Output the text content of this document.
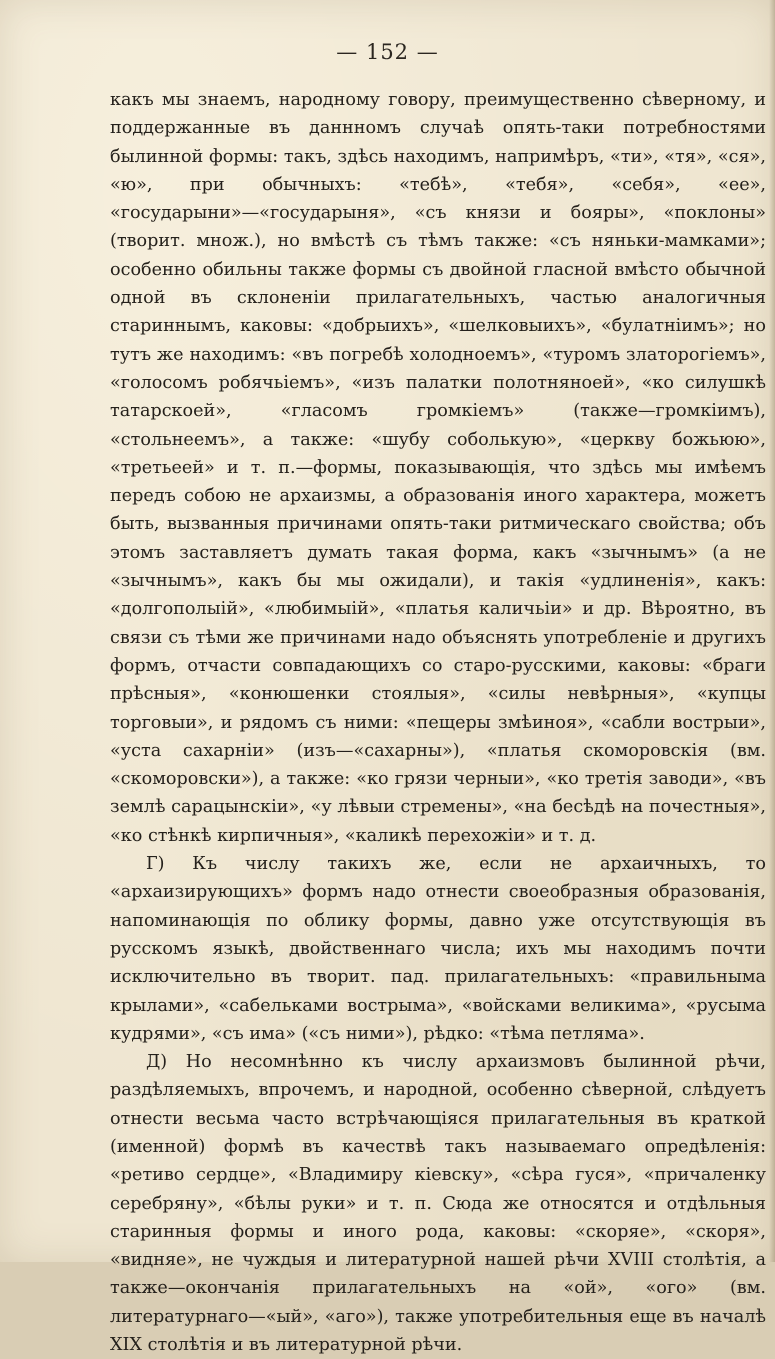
— 152 —

какъ мы знаемъ, народному говору, преимущественно сѣверному, и поддержанные въ даннномъ случаѣ опять-таки потребностями былинной формы: такъ, здѣсь находимъ, напримѣръ, «ти», «тя», «ся», «ю», при обычныхъ: «тебѣ», «тебя», «себя», «ее», «государыни»—«государыня», «съ князи и бояры», «поклоны» (творит. множ.), но вмѣстѣ съ тѣмъ также: «съ няньки-мамками»; особенно обильны также формы съ двойной гласной вмѣсто обычной одной въ склоненіи прилагательныхъ, частью аналогичныя стариннымъ, каковы: «добрыихъ», «шелковыихъ», «булатніимъ»; но тутъ же находимъ: «въ погребѣ холодноемъ», «туромъ златорогіемъ», «голосомъ робячьіемъ», «изъ палатки полотняноей», «ко силушкѣ татарскоей», «гласомъ громкіемъ» (также—громкіимъ), «стольнеемъ», а также: «шубу соболькую», «церкву божьюю», «третьеей» и т. п.—формы, показывающія, что здѣсь мы имѣемъ передъ собою не архаизмы, а образованія иного характера, можетъ быть, вызванныя причинами опять-таки ритмическаго свойства; объ этомъ заставляетъ думать такая форма, какъ «зычнымъ» (а не «зычнымъ», какъ бы мы ожидали), и такія «удлиненія», какъ: «долгополыій», «любимыій», «платья каличьіи» и др. Вѣроятно, въ связи съ тѣми же причинами надо объяснять употребленіе и другихъ формъ, отчасти совпадающихъ со старо-русскими, каковы: «браги прѣсныя», «конюшенки стоялыя», «силы невѣрныя», «купцы торговыи», и рядомъ съ ними: «пещеры змѣиноя», «сабли вострыи», «уста сахарніи» (изъ—«сахарны»), «платья скоморовскія (вм. «скоморовски»), а также: «ко грязи черныи», «ко третія заводи», «въ землѣ сарацынскіи», «у лѣвыи стремены», «на бесѣдѣ на почестныя», «ко стѣнкѣ кирпичныя», «каликѣ перехожіи» и т. д.

Г) Къ числу такихъ же, если не архаичныхъ, то «архаизирующихъ» формъ надо отнести своеобразныя образованія, напоминающія по облику формы, давно уже отсутствующія въ русскомъ языкѣ, двойственнаго числа; ихъ мы находимъ почти исключительно въ творит. пад. прилагательныхъ: «правильныма крылами», «сабельками вострыма», «войсками великима», «русыма кудрями», «съ има» («съ ними»), рѣдко: «тѣма петлямa».

Д) Но несомнѣнно къ числу архаизмовъ былинной рѣчи, раздѣляемыхъ, впрочемъ, и народной, особенно сѣверной, слѣдуетъ отнести весьма часто встрѣчающіяся прилагательныя въ краткой (именной) формѣ въ качествѣ такъ называемаго опредѣленія: «ретиво сердце», «Владимиру кіевску», «сѣра гуся», «причаленку серебряну», «бѣлы руки» и т. п. Сюда же относятся и отдѣльныя старинныя формы и иного рода, каковы: «скоряе», «скоря», «видняе», не чуждыя и литературной нашей рѣчи XVIII столѣтія, а также—окончанія прилагательныхъ на «ой», «ого» (вм. литературнаго—«ый», «аго»), также употребительныя еще въ началѣ XIX столѣтія и въ литературной рѣчи.
